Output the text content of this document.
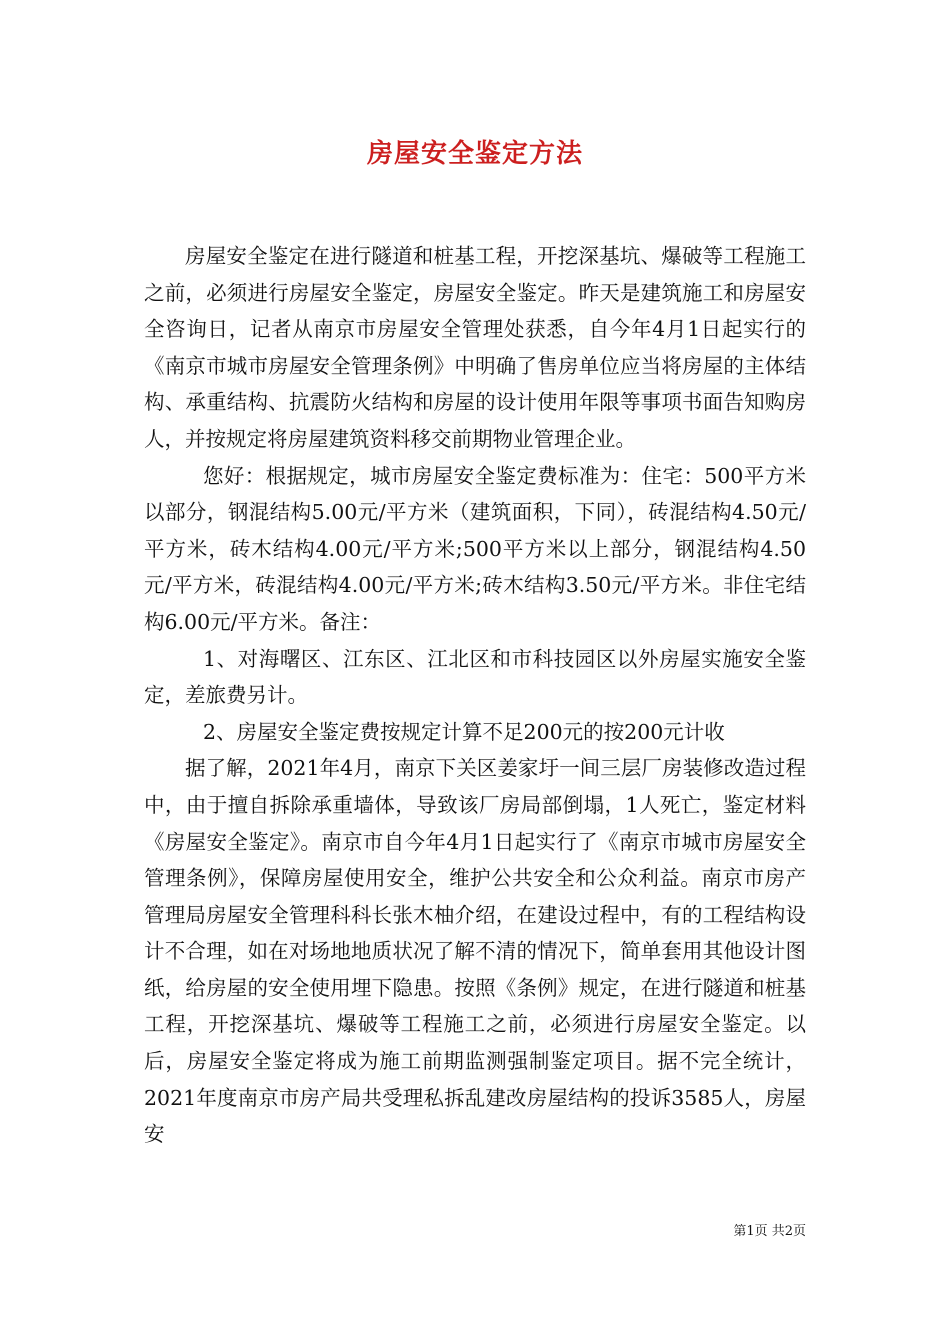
房屋安全鉴定方法

房屋安全鉴定在进行隧道和桩基工程，开挖深基坑、爆破等工程施工之前，必须进行房屋安全鉴定，房屋安全鉴定。昨天是建筑施工和房屋安全咨询日，记者从南京市房屋安全管理处获悉，自今年4月1日起实行的《南京市城市房屋安全管理条例》中明确了售房单位应当将房屋的主体结构、承重结构、抗震防火结构和房屋的设计使用年限等事项书面告知购房人，并按规定将房屋建筑资料移交前期物业管理企业。

您好：根据规定，城市房屋安全鉴定费标准为：住宅：500平方米以部分，钢混结构5.00元/平方米（建筑面积，下同），砖混结构4.50元/平方米，砖木结构4.00元/平方米;500平方米以上部分，钢混结构4.50元/平方米，砖混结构4.00元/平方米;砖木结构3.50元/平方米。非住宅结构6.00元/平方米。备注：

1、对海曙区、江东区、江北区和市科技园区以外房屋实施安全鉴定，差旅费另计。

2、房屋安全鉴定费按规定计算不足200元的按200元计收

据了解，2021年4月，南京下关区姜家圩一间三层厂房装修改造过程中，由于擅自拆除承重墙体，导致该厂房局部倒塌，1人死亡，鉴定材料《房屋安全鉴定》。南京市自今年4月1日起实行了《南京市城市房屋安全管理条例》，保障房屋使用安全，维护公共安全和公众利益。南京市房产管理局房屋安全管理科科长张木柚介绍，在建设过程中，有的工程结构设计不合理，如在对场地地质状况了解不清的情况下，简单套用其他设计图纸，给房屋的安全使用埋下隐患。按照《条例》规定，在进行隧道和桩基工程，开挖深基坑、爆破等工程施工之前，必须进行房屋安全鉴定。以后，房屋安全鉴定将成为施工前期监测强制鉴定项目。据不完全统计，2021年度南京市房产局共受理私拆乱建改房屋结构的投诉3585人，房屋安

第1页 共2页
